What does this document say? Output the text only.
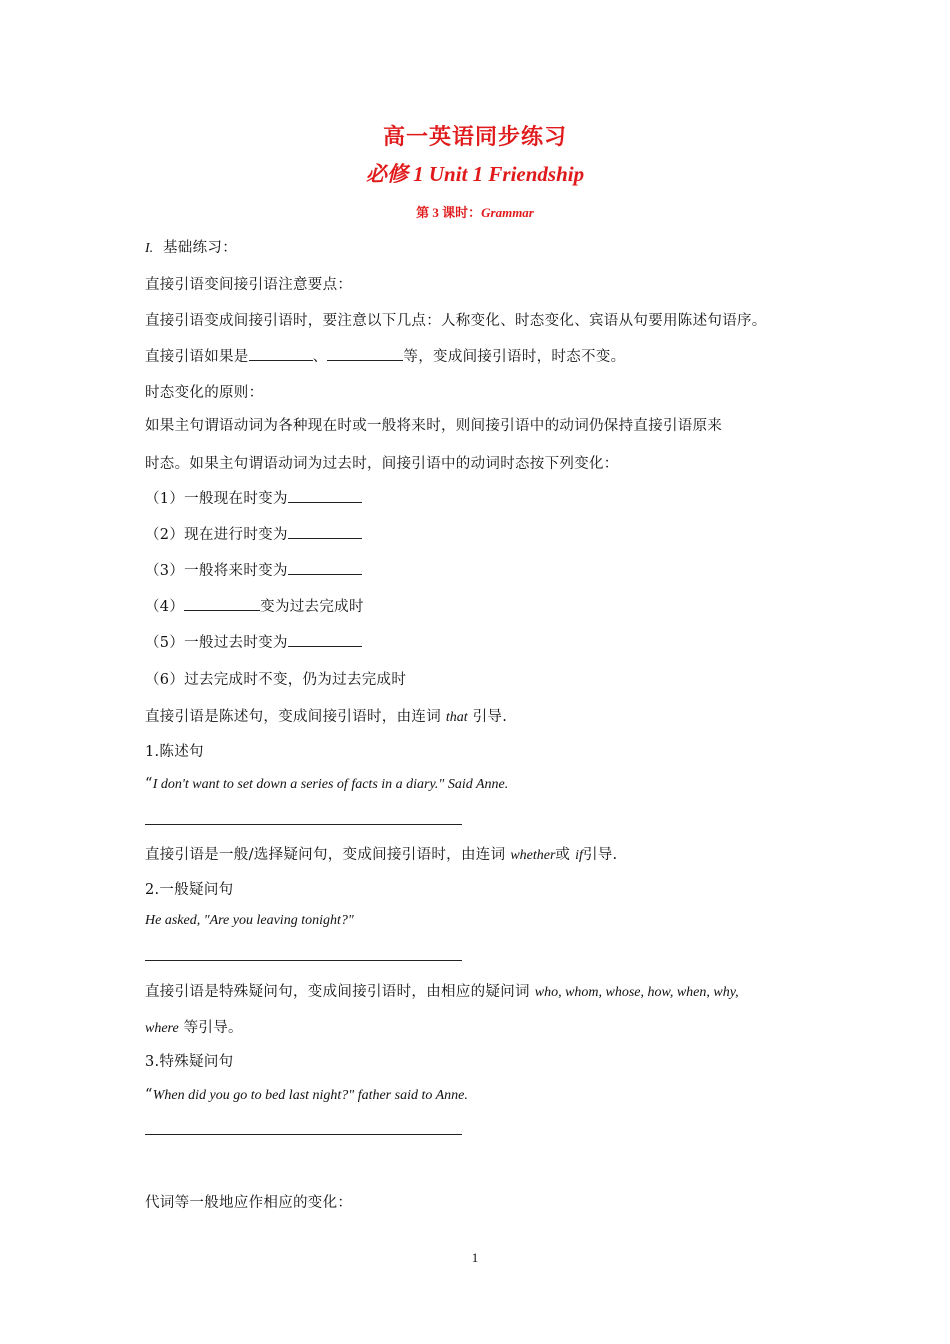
高一英语同步练习
必修 1 Unit 1 Friendship
第 3 课时：Grammar
I. 基础练习：
直接引语变间接引语注意要点：
直接引语变成间接引语时，要注意以下几点：人称变化、时态变化、宾语从句要用陈述句语序。
直接引语如果是	、	等，变成间接引语时，时态不变。
时态变化的原则：
如果主句谓语动词为各种现在时或一般将来时，则间接引语中的动词仍保持直接引语原来
时态。如果主句谓语动词为过去时，间接引语中的动词时态按下列变化：
（1）一般现在时变为
（2）现在进行时变为
（3）一般将来时变为
（4）	变为过去完成时
（5）一般过去时变为
（6）过去完成时不变，仍为过去完成时
直接引语是陈述句，变成间接引语时，由连词 that 引导.
1.陈述句
“I don't want to set down a series of facts in a diary." Said Anne.
直接引语是一般/选择疑问句，变成间接引语时，由连词 whether或 if引导.
2.一般疑问句
He asked, "Are you leaving tonight?"
直接引语是特殊疑问句，变成间接引语时，由相应的疑问词 who, whom, whose, how, when, why,
where 等引导。
3.特殊疑问句
“When did you go to bed last night?" father said to Anne.
代词等一般地应作相应的变化：
1
